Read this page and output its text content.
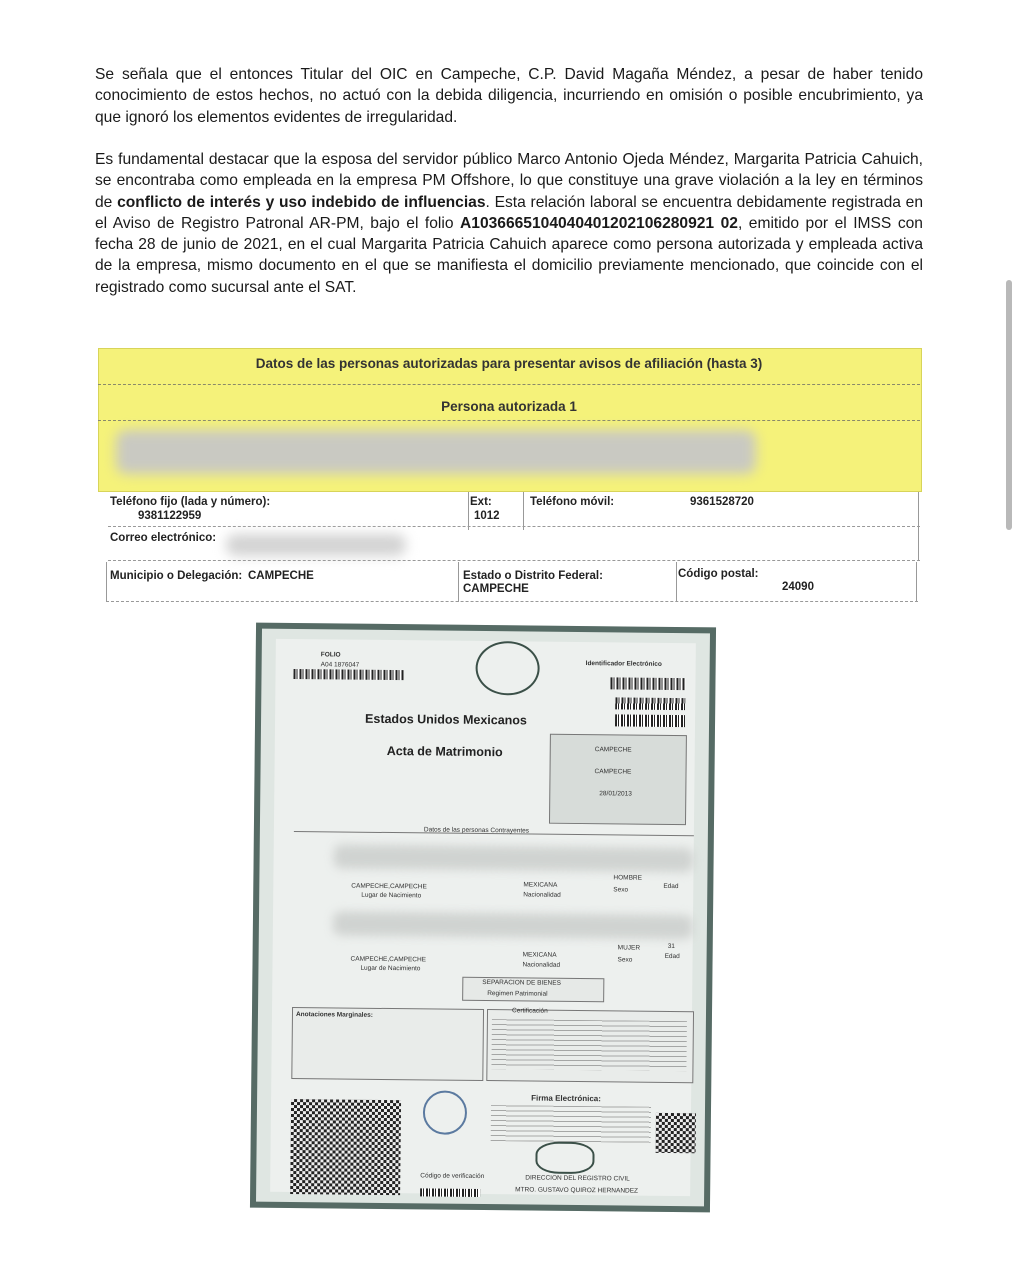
Se señala que el entonces Titular del OIC en Campeche, C.P. David Magaña Méndez, a pesar de haber tenido conocimiento de estos hechos, no actuó con la debida diligencia, incurriendo en omisión o posible encubrimiento, ya que ignoró los elementos evidentes de irregularidad.

Es fundamental destacar que la esposa del servidor público Marco Antonio Ojeda Méndez, Margarita Patricia Cahuich, se encontraba como empleada en la empresa PM Offshore, lo que constituye una grave violación a la ley en términos de conflicto de interés y uso indebido de influencias. Esta relación laboral se encuentra debidamente registrada en el Aviso de Registro Patronal AR-PM, bajo el folio A1036665104040401202106280921 02, emitido por el IMSS con fecha 28 de junio de 2021, en el cual Margarita Patricia Cahuich aparece como persona autorizada y empleada activa de la empresa, mismo documento en el que se manifiesta el domicilio previamente mencionado, que coincide con el registrado como sucursal ante el SAT.

Datos de las personas autorizadas para presentar avisos de afiliación (hasta 3)
Persona autorizada 1
Teléfono fijo (lada y número):
9381122959
Ext:
1012
Teléfono móvil:	9361528720
Correo electrónico:
Municipio o Delegación: CAMPECHE	Estado o Distrito Federal:
CAMPECHE
Código postal:
24090
FOLIO
A04 1876047	Identificador Electrónico
Estados Unidos Mexicanos
Acta de Matrimonio	CAMPECHE
CAMPECHE
28/01/2013
Datos de las personas Contrayentes
CAMPECHE,CAMPECHE
Lugar de Nacimiento
MEXICANA
Nacionalidad
HOMBRE
Sexo	Edad
CAMPECHE,CAMPECHE
Lugar de Nacimiento
MEXICANA
Nacionalidad
MUJER
Sexo
31
Edad
SEPARACION DE BIENES
Regimen Patrimonial
Anotaciones Marginales:
Certificación
Firma Electrónica:
DIRECCION DEL REGISTRO CIVIL
MTRO. GUSTAVO QUIROZ HERNANDEZ
Código de verificación
